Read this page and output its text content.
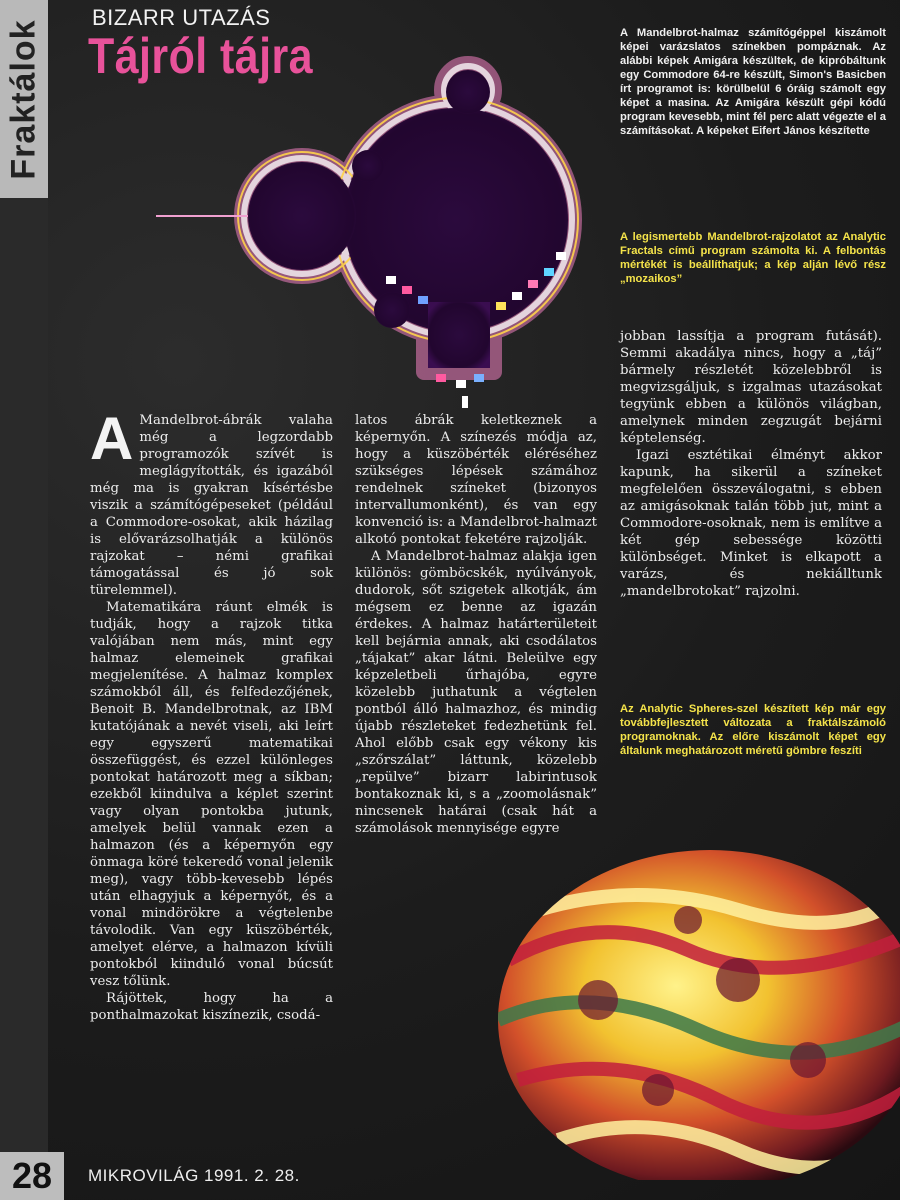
Fraktálok
BIZARR UTAZÁS
Tájról tájra	A Mandelbrot-halmaz számítógéppel kiszámolt képei varázslatos színekben pompáznak. Az alábbi képek Amigára készültek, de kipróbáltunk egy Commodore 64-re készült, Simon's Basicben írt programot is: körülbelül 6 óráig számolt egy képet a masina. Az Amigára készült gépi kódú program kevesebb, mint fél perc alatt végezte el a számításokat. A képeket Eifert János készítette
A legismertebb Mandelbrot-rajzolatot az Analytic Fractals című program számolta ki. A felbontás mértékét is beállíthatjuk; a kép alján lévő rész „mozaikos”
Az Analytic Spheres-szel készített kép már egy továbbfejlesztett változata a fraktálszámoló programoknak. Az előre kiszámolt képet egy általunk meghatározott méretű gömbre feszíti
A Mandelbrot-ábrák valaha még a legzordabb programozók szívét is meglágyították, és igazából még ma is gyakran kísértésbe viszik a számítógépeseket (például a Commodore-osokat, akik házilag is elővarázsolhatják a különös rajzokat – némi grafikai támogatással és jó sok türelemmel).

Matematikára ráunt elmék is tudják, hogy a rajzok titka valójában nem más, mint egy halmaz elemeinek grafikai megjelenítése. A halmaz komplex számokból áll, és felfedezőjének, Benoit B. Mandelbrotnak, az IBM kutatójának a nevét viseli, aki leírt egy egyszerű matematikai összefüggést, és ezzel különleges pontokat határozott meg a síkban; ezekből kiindulva a képlet szerint vagy olyan pontokba jutunk, amelyek belül vannak ezen a halmazon (és a képernyőn egy önmaga köré tekeredő vonal jelenik meg), vagy több-kevesebb lépés után elhagyjuk a képernyőt, és a vonal mindörökre a végtelenbe távolodik. Van egy küszöbérték, amelyet elérve, a halmazon kívüli pontokból kiinduló vonal búcsút vesz tőlünk.

Rájöttek, hogy ha a ponthalmazokat kiszínezik, csodá-

latos ábrák keletkeznek a képernyőn. A színezés módja az, hogy a küszöbérték eléréséhez szükséges lépések számához rendelnek színeket (bizonyos intervallumonként), és van egy konvenció is: a Mandelbrot-halmazt alkotó pontokat feketére rajzolják.

A Mandelbrot-halmaz alakja igen különös: gömböcskék, nyúlványok, dudorok, sőt szigetek alkotják, ám mégsem ez benne az igazán érdekes. A halmaz határterületeit kell bejárnia annak, aki csodálatos „tájakat” akar látni. Beleülve egy képzeletbeli űrhajóba, egyre közelebb juthatunk a végtelen pontból álló halmazhoz, és mindig újabb részleteket fedezhetünk fel. Ahol előbb csak egy vékony kis „szőrszálat” láttunk, közelebb „repülve” bizarr labirintusok bontakoznak ki, s a „zoomolásnak” nincsenek határai (csak hát a számolások mennyisége egyre

jobban lassítja a program futását). Semmi akadálya nincs, hogy a „táj” bármely részletét közelebbről is megvizsgáljuk, s izgalmas utazásokat tegyünk ebben a különös világban, amelynek minden zegzugát bejárni képtelenség.

Igazi esztétikai élményt akkor kapunk, ha sikerül a színeket megfelelően összeválogatni, s ebben az amigásoknak talán több jut, mint a Commodore-osoknak, nem is említve a két gép sebessége közötti különbséget. Minket is elkapott a varázs, és nekiálltunk „mandelbrotokat” rajzolni.

28	MIKROVILÁG 1991. 2. 28.
